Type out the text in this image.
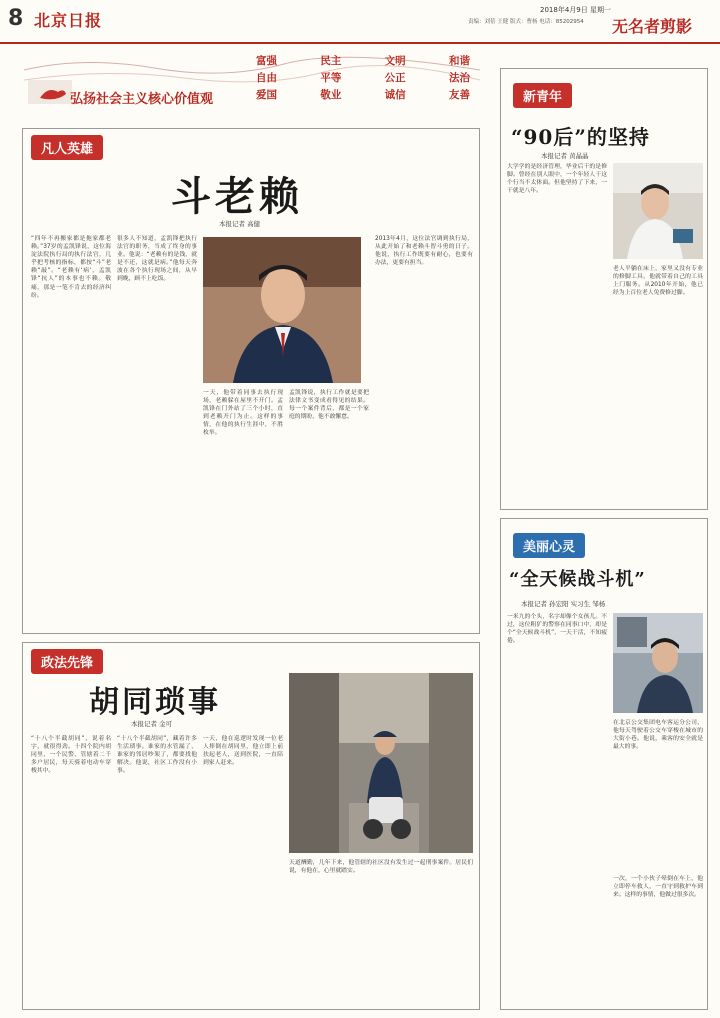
8 北京日报
2018年4月9日 星期一
责编：刘蓓 王健 版式：曹杨 电话：85202954 无名者剪影
弘扬社会主义核心价值观
富强	民主	文明	和谐
自由	平等	公正	法治
爱国	敬业	诚信	友善
凡人英雄
斗老赖
本报记者 高健
“四年不再搬家都是拖家都老赖。”37岁的孟凯锋说，这位海淀法院执行局的执行法官，几乎把考核的指标，都按“斗”老赖“敲”。“老赖有‘病’，孟凯锋“抗人”的本事也不赖。敬痛，那是一笔不肯去的经济纠纷。
很多人不知道，孟凯锋把执行法官的职务，当成了终身的事业。他说：“老赖有的是钱，就是不还，这就是病。”他每天奔波在各个执行现场之间，从早到晚，顾不上吃饭。
一天，他带着同事去执行现场，老赖躲在屋里不开门。孟凯锋在门外站了三个小时，直到老赖开门为止。这样的事情，在他的执行生涯中，不胜枚举。
孟凯锋说，执行工作就是要把法律文书变成看得见的结果。每一个案件背后，都是一个家庭的期盼，他不敢懈怠。
2013年4月，这位法官调到执行局，从此开始了和老赖斗智斗勇的日子。他说，执行工作既要有耐心，也要有办法，更要有担当。
新青年
“90后”的坚持
本报记者 黄晶晶
大学学的是经济管理，毕业后干的是修脚。曾经在别人眼中，一个年轻人干这个行当不太体面。但他坚持了下来，一干就是八年。
老人平躺在床上，家里又没有专业的修脚工具，他就带着自己的工具上门服务。从2010年开始，他已经为上百位老人免费修过脚。
美丽心灵
“全天候战斗机”
本报记者 孙宏阳 实习生 邹杨
一米九的个头，名字却像个女孩儿。不过，这位粗犷的警察在同事口中，却是个“全天候战斗机”，一天干活，不知疲倦。
在北京公交集团电车客运分公司，他每天驾驶着公交车穿梭在城市的大街小巷。他说，乘客的安全就是最大的事。
一次，一个小伙子晕倒在车上，他立即停车救人，一直守到救护车到来。这样的事情，他做过很多次。
政法先锋
胡同琐事
本报记者 金可
“十八个半截胡同”，说着名字，就很得劲。十四个院内胡同里，一个民警，管辖着二千多户居民，每天骑着电动车穿梭其中。
“十八个半截胡同”，藏着许多生活琐事。谁家的水管漏了，谁家的邻居吵架了，都要找他解决。他说，社区工作没有小事。
一天，他在巡逻时发现一位老人摔倒在胡同里，他立即上前扶起老人，送到医院，一直陪到家人赶来。
天道酬勤，几年下来，他管辖的社区没有发生过一起刑事案件。居民们说，有他在，心里就踏实。
